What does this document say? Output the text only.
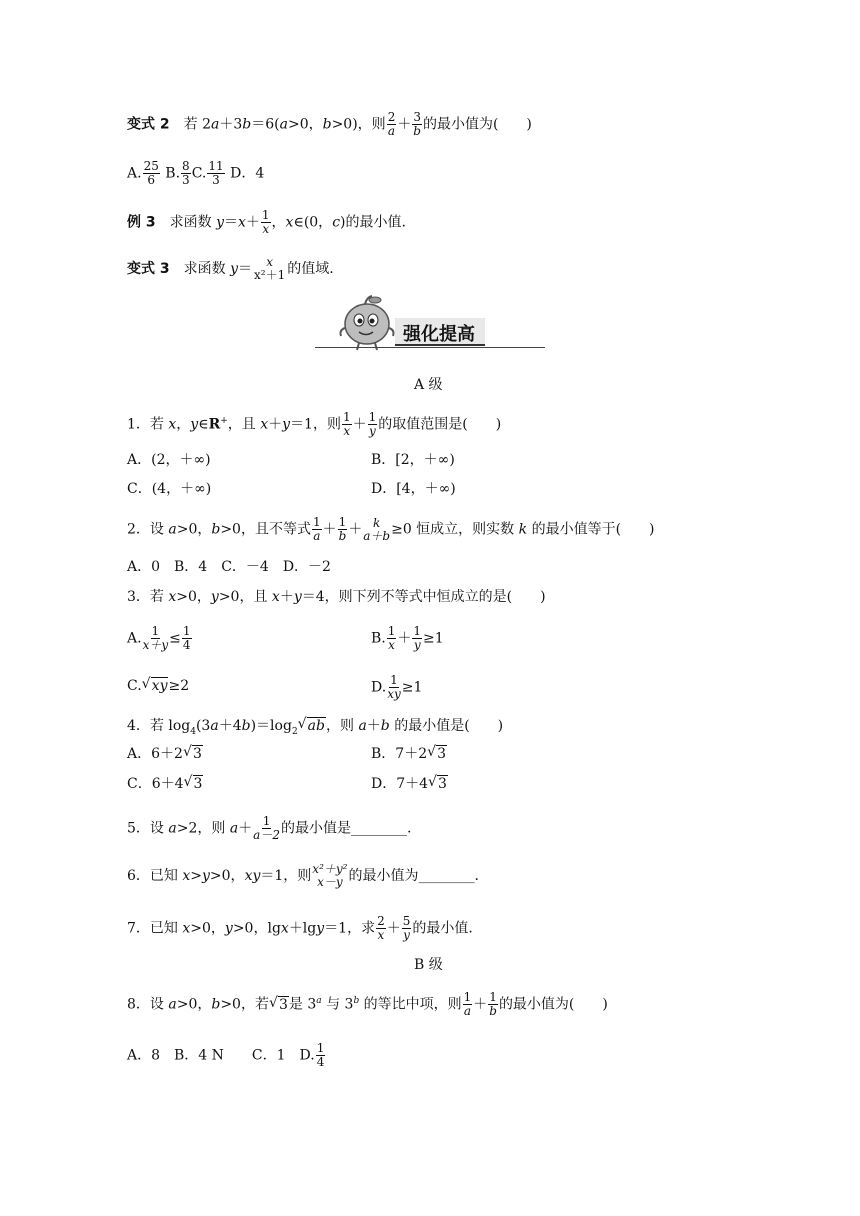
变式 2　 若 2a＋3b＝6(a>0，b>0)，则 $\frac{2}{a} + \frac{3}{b}$ 的最小值为(　　)
A. $\frac{25}{6} B$. $\frac{8}{3} C$. $\frac{11}{3}$ D．4
例 3　 求函数 $y=x+ \frac{1}{x}$ ，x∈(0，c)的最小值.
变式 3　 求函数 y＝ x
x²＋1 的值域.
强化提高
A 级
1．若 x，y∈R+，且 x＋y＝1，则 $\frac{1}{x} + \frac{1}{y}$ 的取值范围是(　　)
A．(2，＋∞)	B．[2，＋∞)
C．(4，＋∞)	D．[4，＋∞)
2．设 a>0，b>0，且不等式 $\frac{1}{a} + \frac{1}{b} + k$
a＋b ≥0 恒成立，则实数 k 的最小值等于(　　)
A．0　B．4　C．－4　D．－2
3．若 x>0，y>0，且 x＋y＝4，则下列不等式中恒成立的是(　　)
A. $\frac{1}{x+y} \le \frac{1}{4}$	B. $\frac{1}{x} + \frac{1}{y} \ge 1$
C. √ xy≥2	D. $\frac{1}{xy} \ge 1$
4．若 $\log_4(3a+4b)=\log_2$ √ ab，则 a＋b 的最小值是(　　)
A．6＋2 √ 3	B．7＋2 √ 3
C．6＋4 √ 3	D．7＋4 √ 3
5．设 a>2，则 $a+ \frac{1}{a-2}$ 的最小值是________.
6．已知 x>y>0，xy＝1，则 x²＋y²
x－y 的最小值为________.
7．已知 x>0，y>0，lgx＋lgy＝1，求 $\frac{2}{x} + \frac{5}{y}$ 的最小值.
B 级
8．设 a>0，b>0，若 √ 3是 3$^a$ 与 3$^b$ 的等比中项，则 $\frac{1}{a} + \frac{1}{b}$ 的最小值为(　　)
A．8　B．4 N　　C．1　D. $\frac{1}{4}$
